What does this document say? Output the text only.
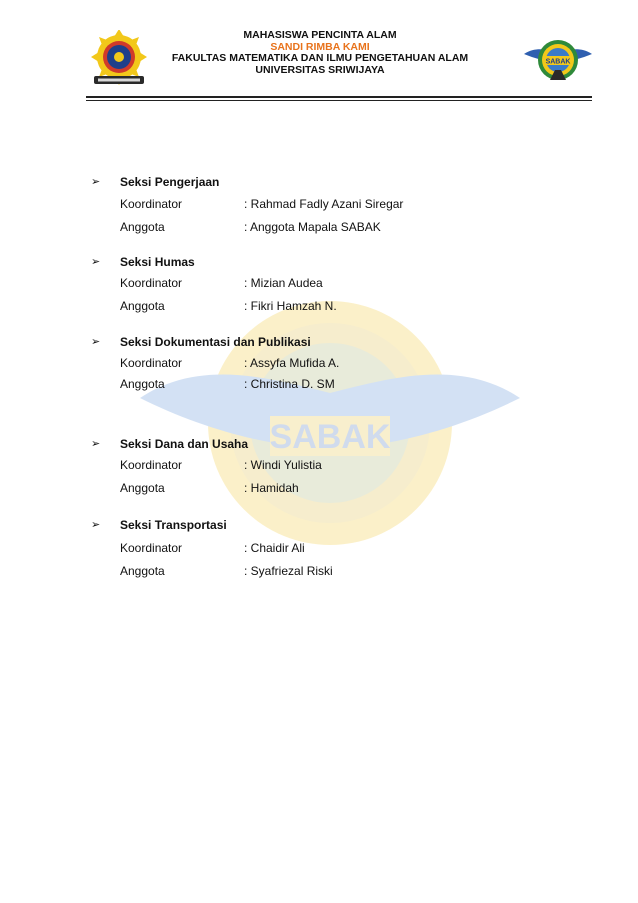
MAHASISWA PENCINTA ALAM
SANDI RIMBA KAMI
FAKULTAS MATEMATIKA DAN ILMU PENGETAHUAN ALAM
UNIVERSITAS SRIWIJAYA
SABAK
SABAK
➢	Seksi Pengerjaan
Koordinator	: Rahmad Fadly Azani Siregar
Anggota	: Anggota Mapala SABAK
➢	Seksi Humas
Koordinator	: Mizian Audea
Anggota	: Fikri Hamzah N.
➢	Seksi Dokumentasi dan Publikasi
Koordinator	: Assyfa Mufida A.
Anggota	: Christina D. SM
➢	Seksi Dana dan Usaha
Koordinator	: Windi Yulistia
Anggota	: Hamidah
➢	Seksi Transportasi
Koordinator	: Chaidir Ali
Anggota	: Syafriezal Riski
